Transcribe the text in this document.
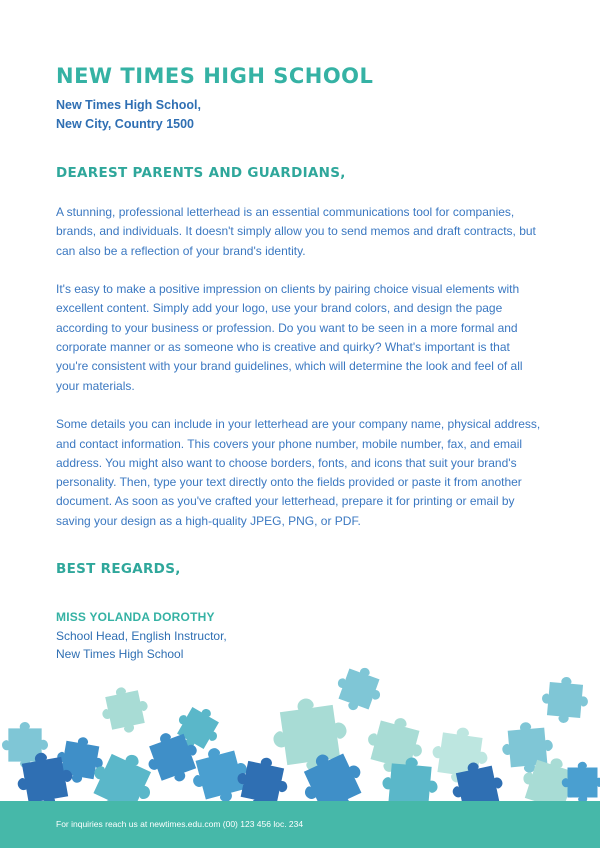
NEW TIMES HIGH SCHOOL
New Times High School,
New City, Country 1500
DEAREST PARENTS AND GUARDIANS,

A stunning, professional letterhead is an essential communications tool for companies, brands, and individuals. It doesn't simply allow you to send memos and draft contracts, but can also be a reflection of your brand's identity.

It's easy to make a positive impression on clients by pairing choice visual elements with excellent content. Simply add your logo, use your brand colors, and design the page according to your business or profession. Do you want to be seen in a more formal and corporate manner or as someone who is creative and quirky? What's important is that you're consistent with your brand guidelines, which will determine the look and feel of all your materials.

Some details you can include in your letterhead are your company name, physical address, and contact information. This covers your phone number, mobile number, fax, and email address. You might also want to choose borders, fonts, and icons that suit your brand's personality. Then, type your text directly onto the fields provided or paste it from another document. As soon as you've crafted your letterhead, prepare it for printing or email by saving your design as a high-quality JPEG, PNG, or PDF.

BEST REGARDS,
MISS YOLANDA DOROTHY
School Head, English Instructor,
New Times High School
For inquiries reach us at newtimes.edu.com (00) 123 456 loc. 234
